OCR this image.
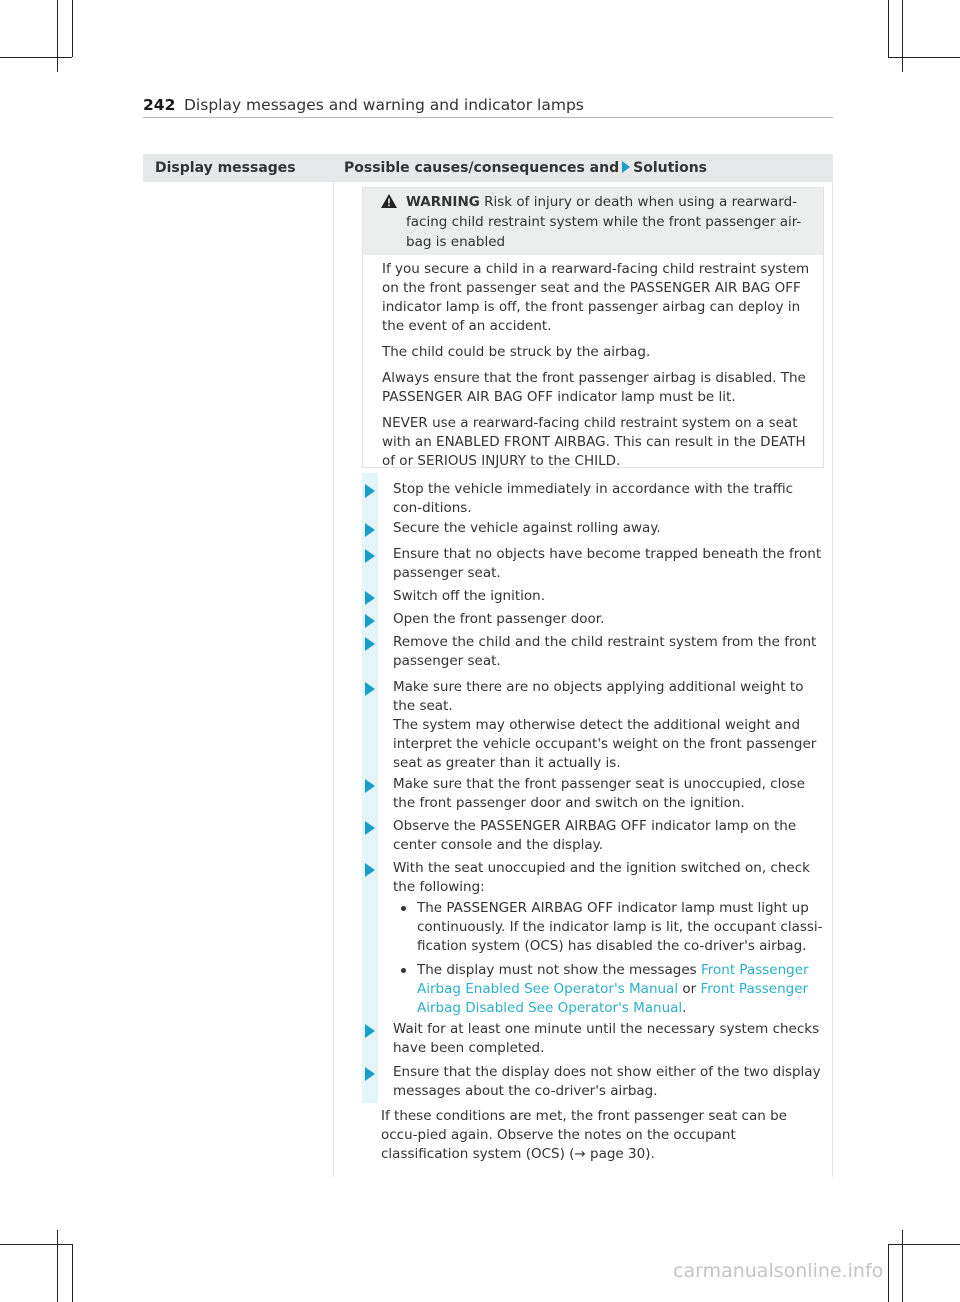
242 Display messages and warning and indicator lamps
Display messages	Possible causes/consequences and Solutions
WARNING Risk of injury or death when using a rearward-facing child restraint system while the front passenger air-bag is enabled

If you secure a child in a rearward-facing child restraint system on the front passenger seat and the PASSENGER AIR BAG OFF indicator lamp is off, the front passenger airbag can deploy in the event of an accident.

The child could be struck by the airbag.

Always ensure that the front passenger airbag is disabled. The PASSENGER AIR BAG OFF indicator lamp must be lit.

NEVER use a rearward-facing child restraint system on a seat with an ENABLED FRONT AIRBAG. This can result in the DEATH of or SERIOUS INJURY to the CHILD.

Stop the vehicle immediately in accordance with the traffic con-ditions.
Secure the vehicle against rolling away.
Ensure that no objects have become trapped beneath the front passenger seat.
Switch off the ignition.
Open the front passenger door.
Remove the child and the child restraint system from the front passenger seat.
Make sure there are no objects applying additional weight to the seat.
The system may otherwise detect the additional weight and interpret the vehicle occupant's weight on the front passenger seat as greater than it actually is.
Make sure that the front passenger seat is unoccupied, close the front passenger door and switch on the ignition.
Observe the PASSENGER AIRBAG OFF indicator lamp on the center console and the display.
With the seat unoccupied and the ignition switched on, check the following:
The PASSENGER AIRBAG OFF indicator lamp must light up continuously. If the indicator lamp is lit, the occupant classi-fication system (OCS) has disabled the co-driver's airbag.
The display must not show the messages Front Passenger Airbag Enabled See Operator's Manual or Front Passenger Airbag Disabled See Operator's Manual.
Wait for at least one minute until the necessary system checks have been completed.
Ensure that the display does not show either of the two display messages about the co-driver's airbag.
If these conditions are met, the front passenger seat can be occu-pied again. Observe the notes on the occupant classification system (OCS) (→ page 30).
carmanualsonline.info
